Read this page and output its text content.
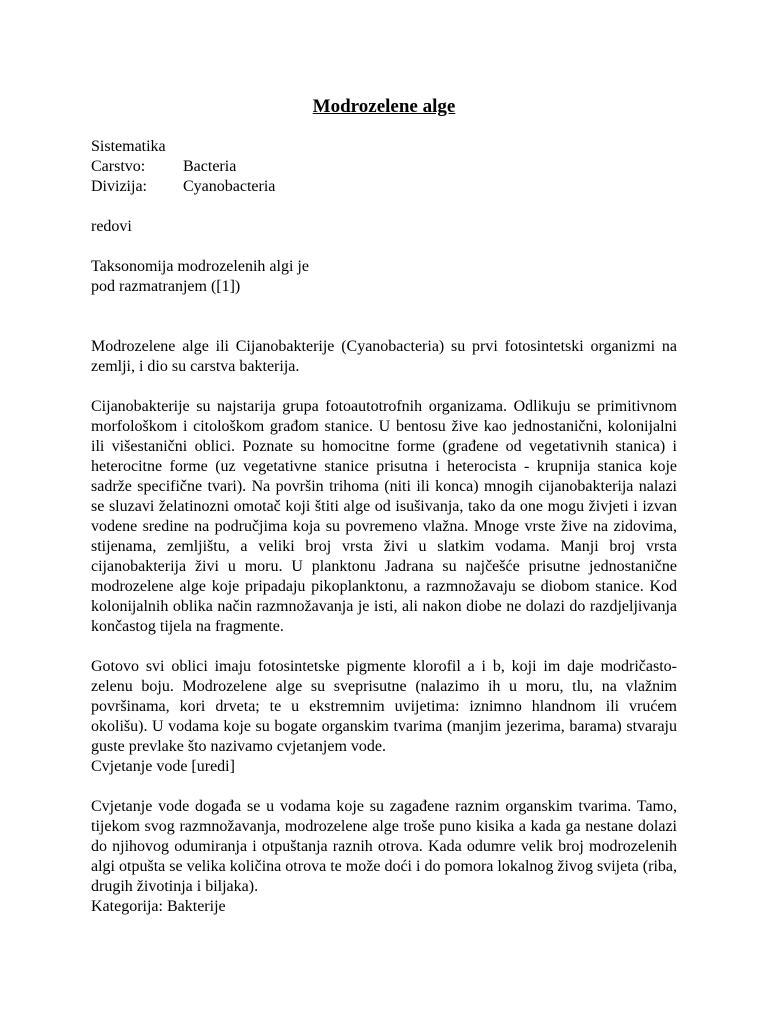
Modrozelene alge

Sistematika

Carstvo:	Bacteria
Divizija:	Cyanobacteria

redovi

Taksonomija modrozelenih algi je

pod razmatranjem ([1])

Modrozelene alge ili Cijanobakterije (Cyanobacteria) su prvi fotosintetski organizmi na zemlji, i dio su carstva bakterija.

Cijanobakterije su najstarija grupa fotoautotrofnih organizama. Odlikuju se primitivnom morfološkom i citološkom građom stanice. U bentosu žive kao jednostanični, kolonijalni ili višestanični oblici. Poznate su homocitne forme (građene od vegetativnih stanica) i heterocitne forme (uz vegetativne stanice prisutna i heterocista - krupnija stanica koje sadrže specifične tvari). Na površin trihoma (niti ili konca) mnogih cijanobakterija nalazi se sluzavi želatinozni omotač koji štiti alge od isušivanja, tako da one mogu živjeti i izvan vodene sredine na područjima koja su povremeno vlažna. Mnoge vrste žive na zidovima, stijenama, zemljištu, a veliki broj vrsta živi u slatkim vodama. Manji broj vrsta cijanobakterija živi u moru. U planktonu Jadrana su najčešće prisutne jednostanične modrozelene alge koje pripadaju pikoplanktonu, a razmnožavaju se diobom stanice. Kod kolonijalnih oblika način razmnožavanja je isti, ali nakon diobe ne dolazi do razdjeljivanja končastog tijela na fragmente.

Gotovo svi oblici imaju fotosintetske pigmente klorofil a i b, koji im daje modričasto-zelenu boju. Modrozelene alge su sveprisutne (nalazimo ih u moru, tlu, na vlažnim površinama, kori drveta; te u ekstremnim uvijetima: iznimno hlandnom ili vrućem okolišu). U vodama koje su bogate organskim tvarima (manjim jezerima, barama) stvaraju guste prevlake što nazivamo cvjetanjem vode.

Cvjetanje vode [uredi]

Cvjetanje vode događa se u vodama koje su zagađene raznim organskim tvarima. Tamo, tijekom svog razmnožavanja, modrozelene alge troše puno kisika a kada ga nestane dolazi do njihovog odumiranja i otpuštanja raznih otrova. Kada odumre velik broj modrozelenih algi otpušta se velika količina otrova te može doći i do pomora lokalnog živog svijeta (riba, drugih životinja i biljaka).

Kategorija: Bakterije
